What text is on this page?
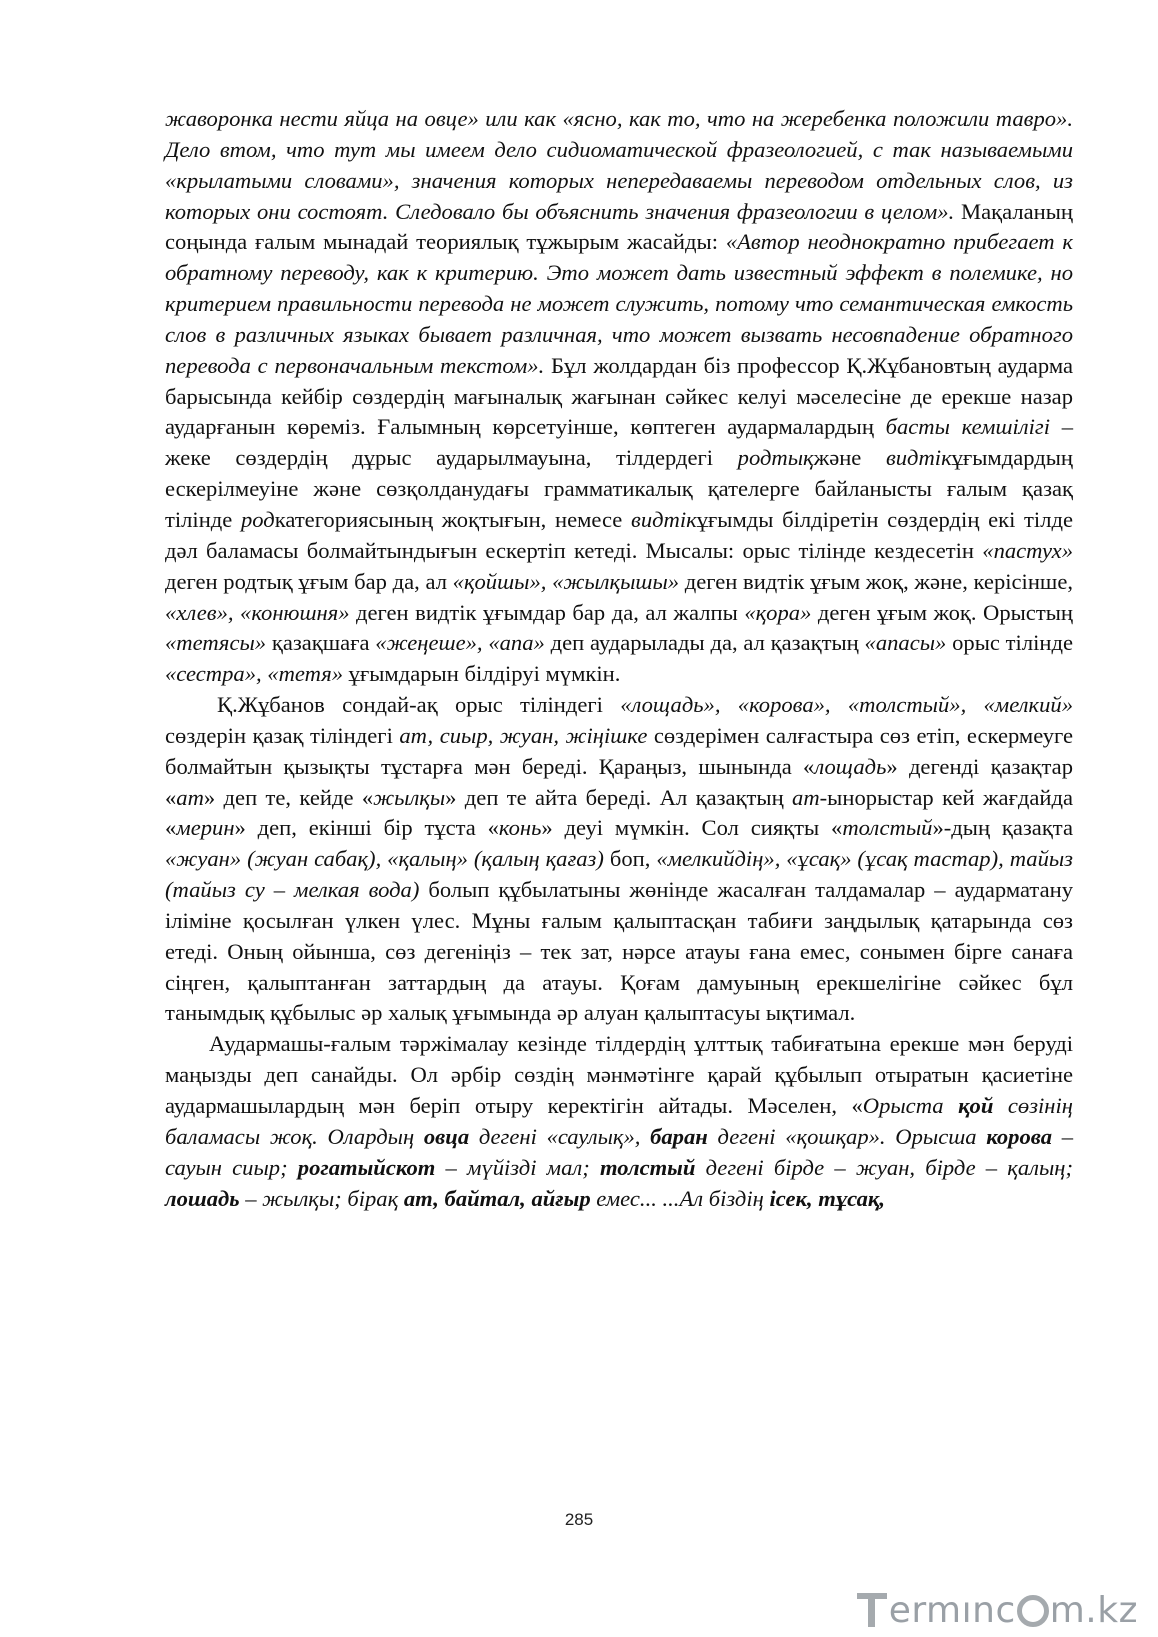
жаворонка нести яйца на овце» или как «ясно, как то, что на жеребенка положили тавро». Дело втом, что тут мы имеем дело сидиоматической фразеологией, с так называемыми «крылатыми словами», значения которых непередаваемы переводом отдельных слов, из которых они состоят. Следовало бы объяснить значения фразеологии в целом». Мақаланың соңында ғалым мынадай теориялық тұжырым жасайды: «Автор неоднократно прибегает к обратному переводу, как к критерию. Это может дать известный эффект в полемике, но критерием правильности перевода не может служить, потому что семантическая емкость слов в различных языках бывает различная, что может вызвать несовпадение обратного перевода с первоначальным текстом». Бұл жолдардан біз профессор Қ.Жұбановтың аударма барысында кейбір сөздердің мағыналық жағынан сәйкес келуі мәселесіне де ерекше назар аударғанын көреміз. Ғалымның көрсетуінше, көптеген аудармалардың басты кемшілігі – жеке сөздердің дұрыс аударылмауына, тілдердегі родтықжәне видтікұғымдардың ескерілмеуіне және сөзқолданудағы грамматикалық қателерге байланысты ғалым қазақ тілінде родкатегориясының жоқтығын, немесе видтікұғымды білдіретін сөздердің екі тілде дәл баламасы болмайтындығын ескертіп кетеді. Мысалы: орыс тілінде кездесетін «пастух» деген родтық ұғым бар да, ал «қойшы», «жылқышы» деген видтік ұғым жоқ, және, керісінше, «хлев», «конюшня» деген видтік ұғымдар бар да, ал жалпы «қора» деген ұғым жоқ. Орыстың «тетясы» қазақшаға «жеңеше», «апа» деп аударылады да, ал қазақтың «апасы» орыс тілінде «сестра», «тетя» ұғымдарын білдіруі мүмкін.

Қ.Жұбанов сондай-ақ орыс тіліндегі «лощадь», «корова», «толстый», «мелкий» сөздерін қазақ тіліндегі ат, сиыр, жуан, жіңішке сөздерімен салғастыра сөз етіп, ескермеуге болмайтын қызықты тұстарға мән береді. Қараңыз, шынында «лощадь» дегенді қазақтар «ат» деп те, кейде «жылқы» деп те айта береді. Ал қазақтың ат-ынорыстар кей жағдайда «мерин» деп, екінші бір тұста «конь» деуі мүмкін. Сол сияқты «толстый»-дың қазақта «жуан» (жуан сабақ), «қалың» (қалың қағаз) боп, «мелкийдің», «ұсақ» (ұсақ тастар), тайыз (тайыз су – мелкая вода) болып құбылатыны жөнінде жасалған талдамалар – аударматану іліміне қосылған үлкен үлес. Мұны ғалым қалыптасқан табиғи заңдылық қатарында сөз етеді. Оның ойынша, сөз дегеніңіз – тек зат, нәрсе атауы ғана емес, сонымен бірге санаға сіңген, қалыптанған заттардың да атауы. Қоғам дамуының ерекшелігіне сәйкес бұл танымдық құбылыс әр халық ұғымында әр алуан қалыптасуы ықтимал.

Аудармашы-ғалым тәржімалау кезінде тілдердің ұлттық табиғатына ерекше мән беруді маңызды деп санайды. Ол әрбір сөздің мәнмәтінге қарай құбылып отыратын қасиетіне аудармашылардың мән беріп отыру керектігін айтады. Мәселен, «Орыста қой сөзінің баламасы жоқ. Олардың овца дегені «саулық», баран дегені «қошқар». Орысша корова – сауын сиыр; рогатыйскот – мүйізді мал; толстый дегені бірде – жуан, бірде – қалың; лошадь – жылқы; бірақ ат, байтал, айғыр емес... ...Ал біздің ісек, тұсақ,

285
ermınc m.kz
